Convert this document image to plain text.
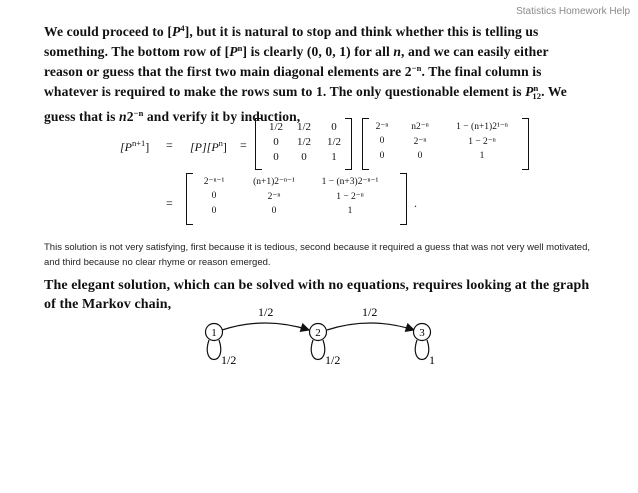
Statistics Homework Help
We could proceed to $[P^4]$, but it is natural to stop and think whether this is telling us
something. The bottom row of $[P^n]$ is clearly (0, 0, 1) for all n, and we can easily either
reason or guess that the first two main diagonal elements are $2^{-n}$. The final column is
whatever is required to make the rows sum to 1. The only questionable element is $P^n_{12}$. We
guess that is $n2^{-n}$ and verify it by induction,
$[P^{n+1}] = [P][P^n]$ =
1/2	1/2	0
0	1/2	1/2
0	0	1
2⁻ⁿ	n2⁻ⁿ	1 − (n+1)2¹⁻ⁿ
0	2⁻ⁿ	1 − 2⁻ⁿ
0	0	1
=
2⁻ⁿ⁻¹	(n+1)2⁻ⁿ⁻¹	1 − (n+3)2⁻ⁿ⁻¹
0	2⁻ⁿ	1 − 2⁻ⁿ
0	0	1
.
This solution is not very satisfying, first because it is tedious, second because it required a guess that was not very well motivated, and third because no clear rhyme or reason emerged.
The elegant solution, which can be solved with no equations, requires looking at the graph of the Markov chain,	1/2	1/2
1	2	3
1/2	1/2	1
